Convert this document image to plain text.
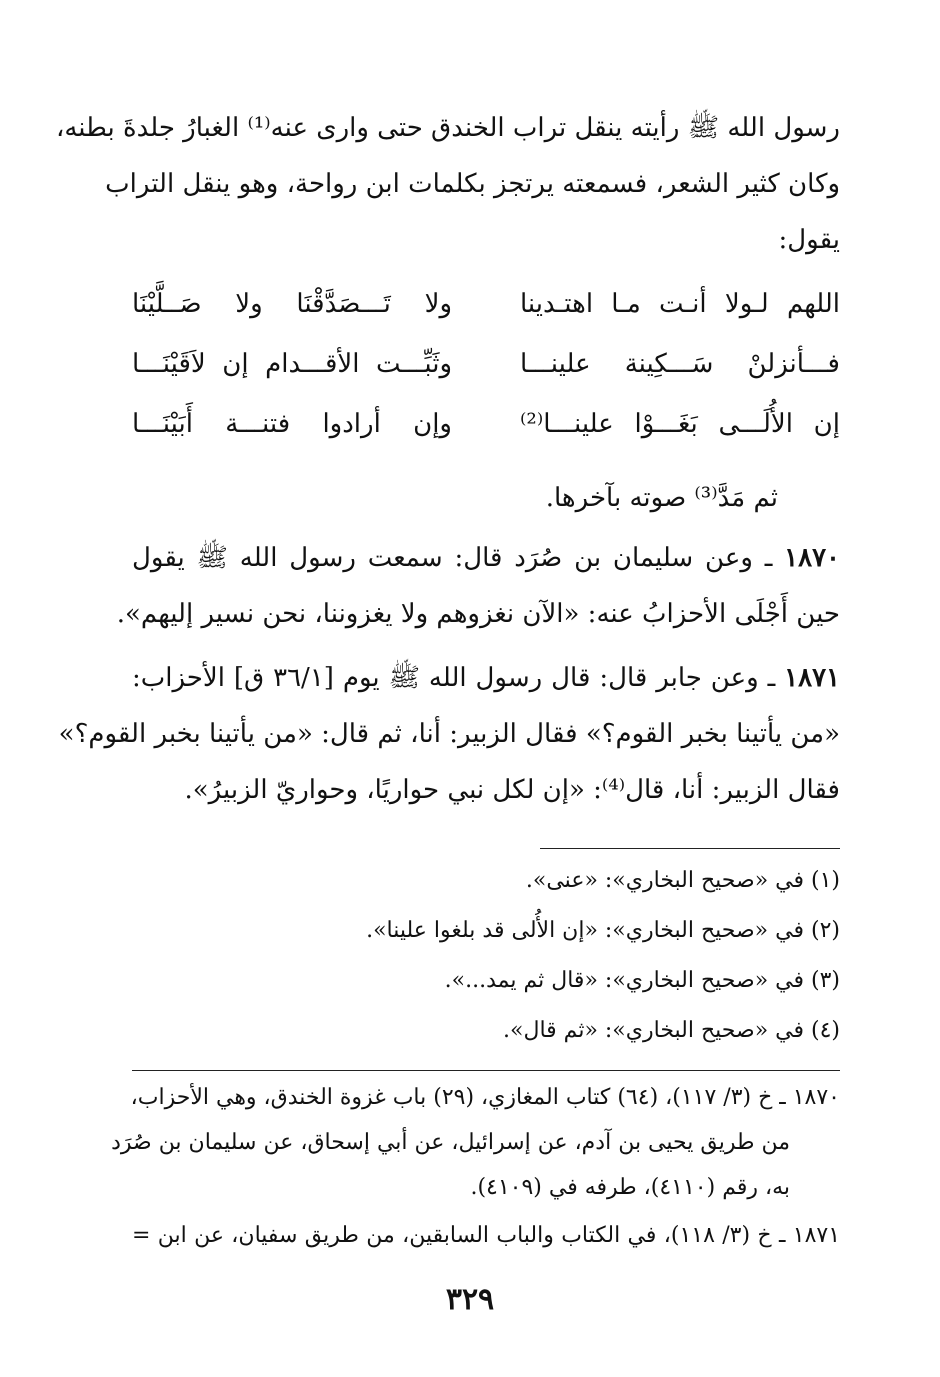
رسول الله ﷺ رأيته ينقل تراب الخندق حتى وارى عنه⁽¹⁾ الغبارُ جلدةَ بطنه،
وكان كثير الشعر، فسمعته يرتجز بكلمات ابن رواحة، وهو ينقل التراب
يقول:
اللهم لـولا أنـت مـا اهتـدينا
ولا تَـــصَدَّقْنَا ولا صَــلَّيْنَا
فـــأنزلنْ سَـــكِينة علينـــا
وثَبِّـــت الأقـــدام إن لاَقَيْنَـــا
إن الأُلَـــى بَغَـــوْا علينـــا⁽²⁾
وإن أرادوا فتنـــة أَبَيْنَـــا
ثم مَدَّ⁽³⁾ صوته بآخرها.
١٨٧٠ ـ وعن سليمان بن صُرَد قال: سمعت رسول الله ﷺ يقول
حين أَجْلَى الأحزابُ عنه: «الآن نغزوهم ولا يغزوننا، نحن نسير إليهم».
١٨٧١ ـ وعن جابر قال: قال رسول الله ﷺ يوم [٣٦/١ ق] الأحزاب:
«من يأتينا بخبر القوم؟» فقال الزبير: أنا، ثم قال: «من يأتينا بخبر القوم؟»
فقال الزبير: أنا، قال⁽⁴⁾: «إن لكل نبي حواريًا، وحواريّ الزبيرُ».
(١) في «صحيح البخاري»: «عنى».
(٢) في «صحيح البخاري»: «إن الأُلى قد بلغوا علينا».
(٣) في «صحيح البخاري»: «قال ثم يمد...».
(٤) في «صحيح البخاري»: «ثم قال».
١٨٧٠ ـ خ (٣/ ١١٧)، (٦٤) كتاب المغازي، (٢٩) باب غزوة الخندق، وهي الأحزاب،
من طريق يحيى بن آدم، عن إسرائيل، عن أبي إسحاق، عن سليمان بن صُرَد
به، رقم (٤١١٠)، طرفه في (٤١٠٩).
١٨٧١ ـ خ (٣/ ١١٨)، في الكتاب والباب السابقين، من طريق سفيان، عن ابن =
٣٢٩
